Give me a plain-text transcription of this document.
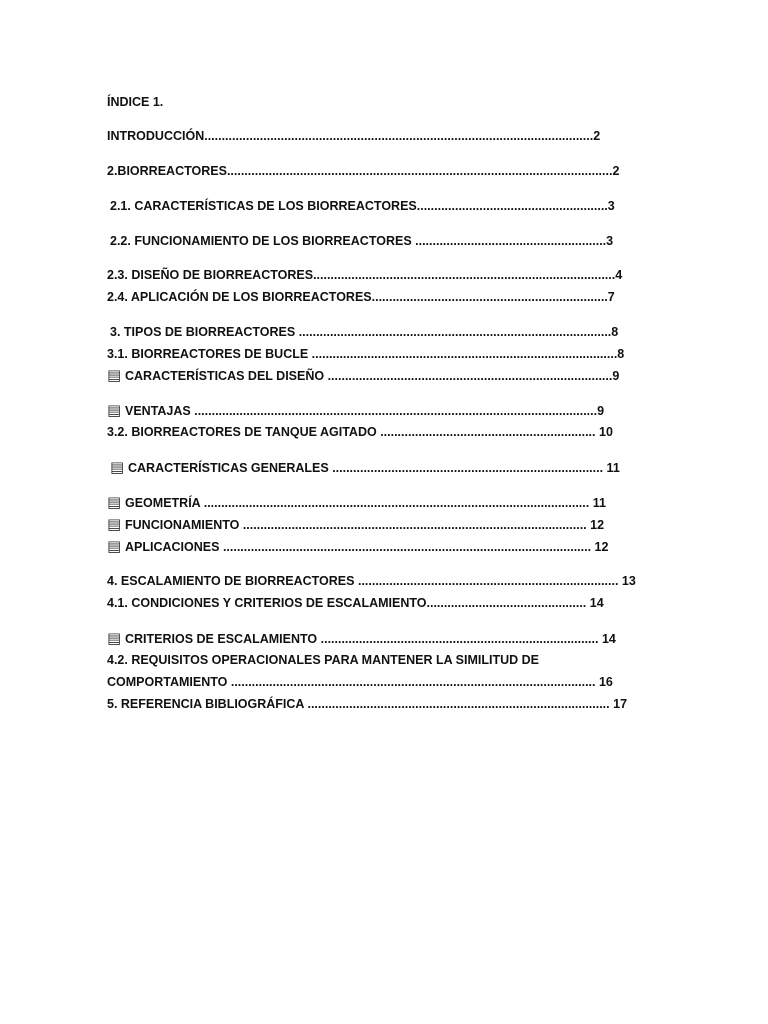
ÍNDICE 1.
INTRODUCCIÓN................................................................................................................2
2.BIORREACTORES...............................................................................................................2
2.1. CARACTERÍSTICAS DE LOS BIORREACTORES.......................................................3
2.2. FUNCIONAMIENTO DE LOS BIORREACTORES .......................................................3
2.3. DISEÑO DE BIORREACTORES.......................................................................................4
2.4. APLICACIÓN DE LOS BIORREACTORES....................................................................7
3. TIPOS DE BIORREACTORES ..........................................................................................8
3.1. BIORREACTORES DE BUCLE ........................................................................................8
▤CARACTERÍSTICAS DEL DISEÑO ..................................................................................9
▤VENTAJAS ....................................................................................................................9
3.2. BIORREACTORES DE TANQUE AGITADO .............................................................. 10
▤CARACTERÍSTICAS GENERALES .............................................................................. 11
▤GEOMETRÍA ............................................................................................................... 11
▤FUNCIONAMIENTO ................................................................................................... 12
▤APLICACIONES .......................................................................................................... 12
4. ESCALAMIENTO DE BIORREACTORES ........................................................................... 13
4.1. CONDICIONES Y CRITERIOS DE ESCALAMIENTO.............................................. 14
▤CRITERIOS DE ESCALAMIENTO ................................................................................ 14
4.2. REQUISITOS OPERACIONALES PARA MANTENER LA SIMILITUD DE
COMPORTAMIENTO ......................................................................................................... 16
5. REFERENCIA BIBLIOGRÁFICA ....................................................................................... 17
